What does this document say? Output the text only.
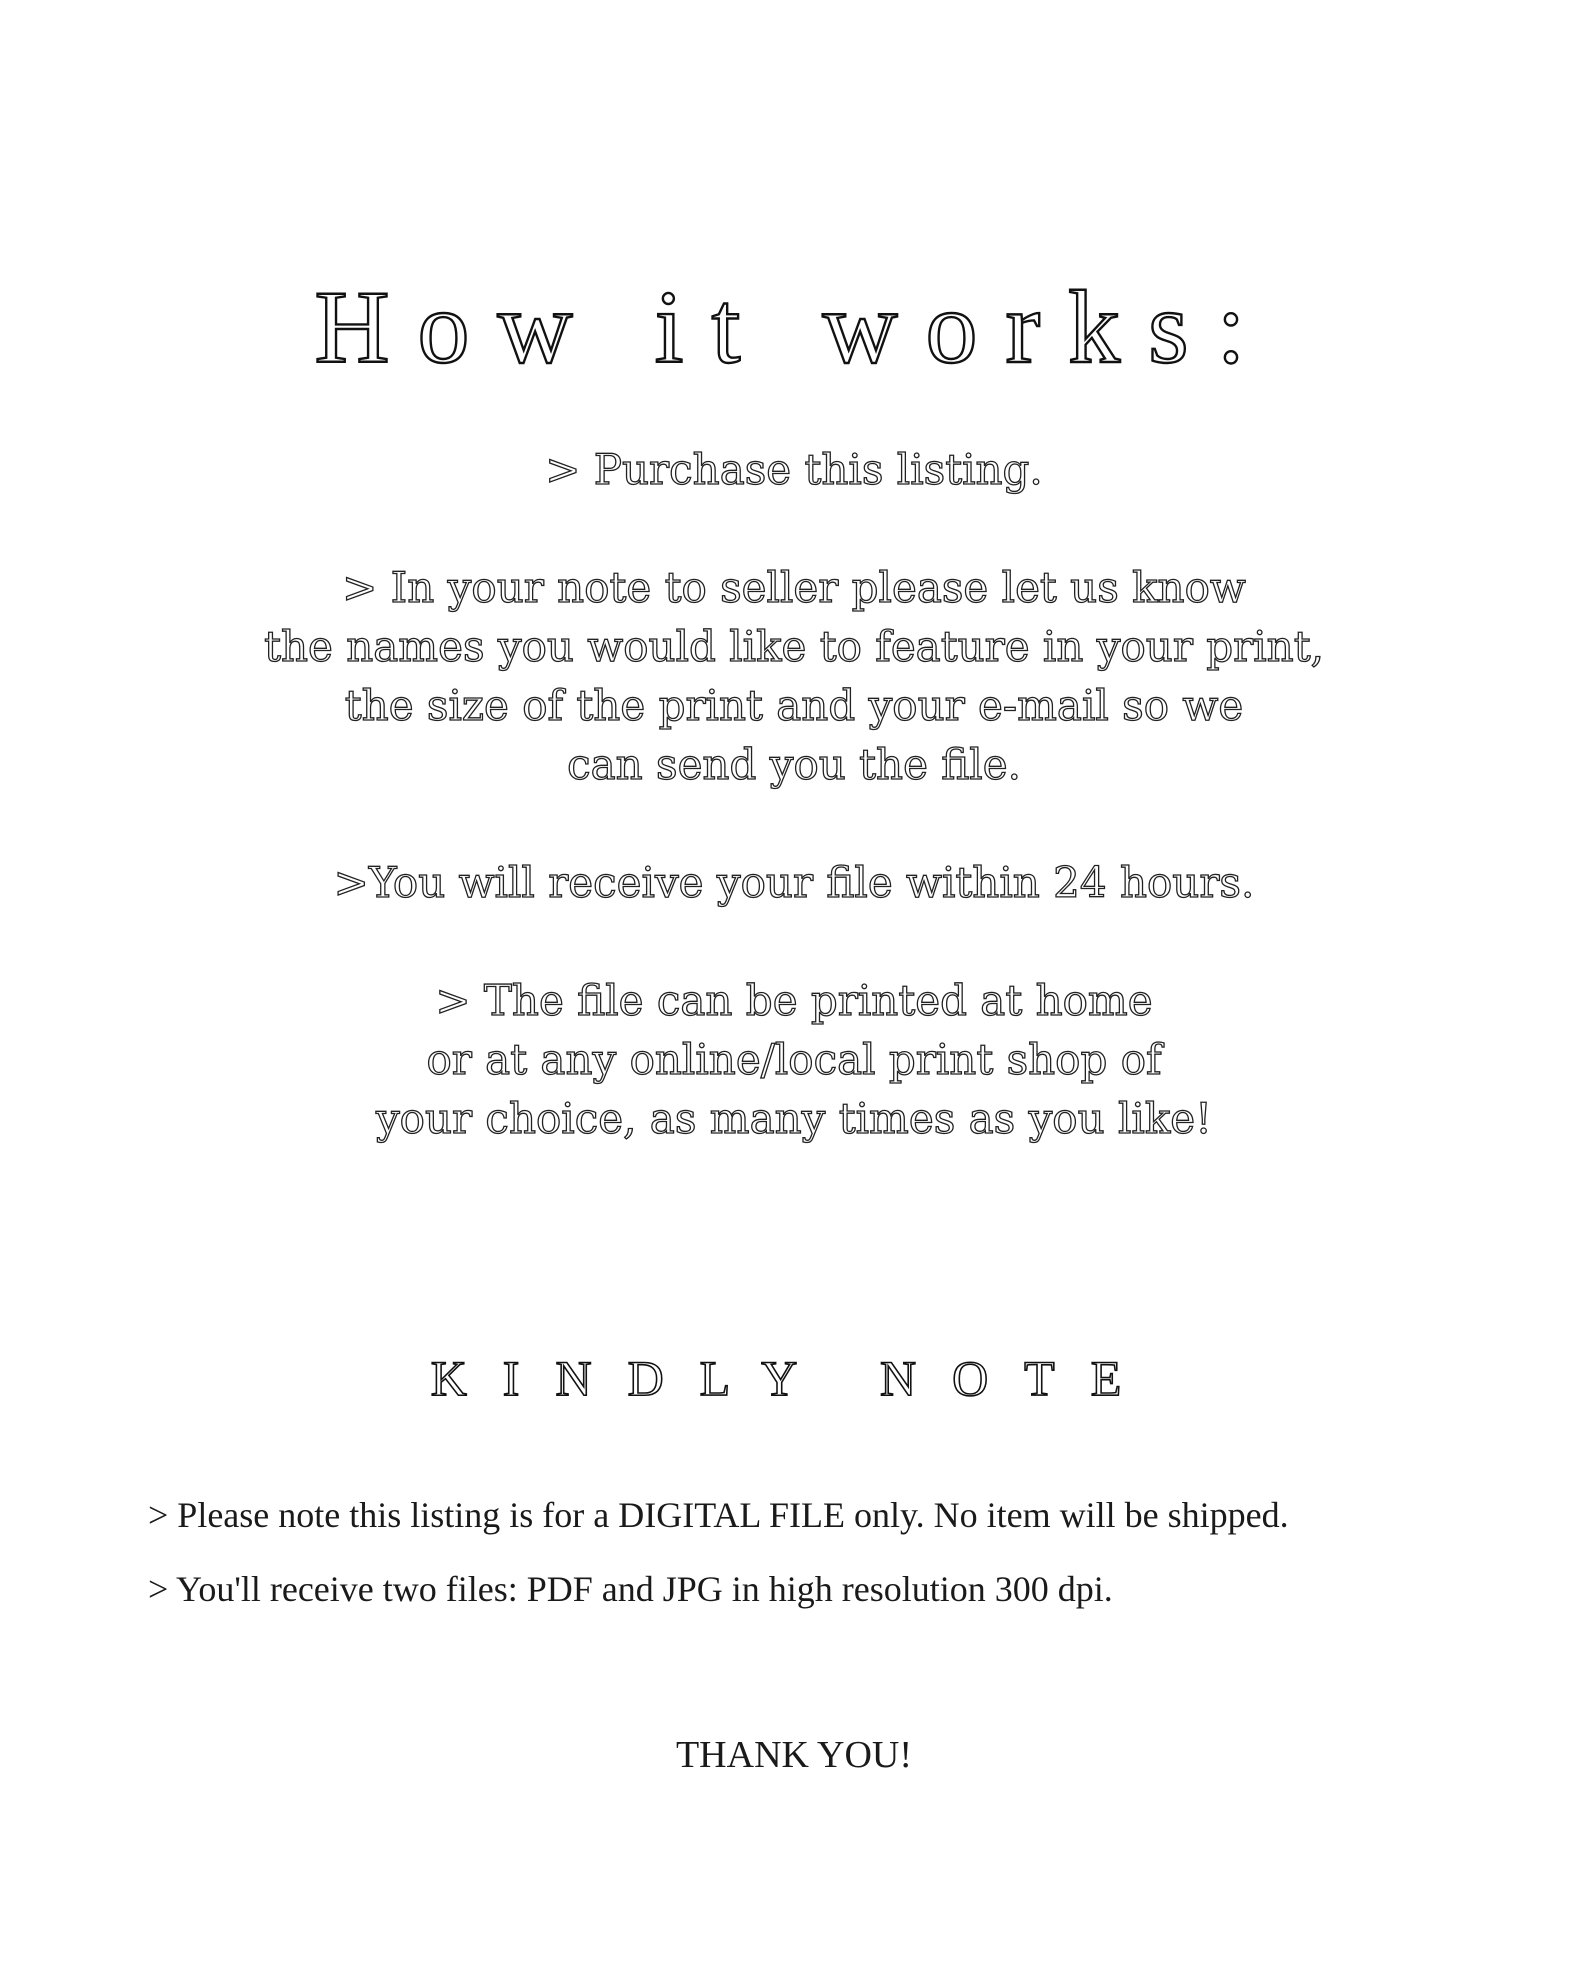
How it works:

> Purchase this listing.

> In your note to seller please let us know
the names you would like to feature in your print,
the size of the print and your e-mail so we
can send you the file.

>You will receive your file within 24 hours.

> The file can be printed at home
or at any online/local print shop of
your choice, as many times as you like!

KINDLY NOTE
> Please note this listing is for a DIGITAL FILE only. No item will be shipped.
> You'll receive two files: PDF and JPG in high resolution 300 dpi.
THANK YOU!
